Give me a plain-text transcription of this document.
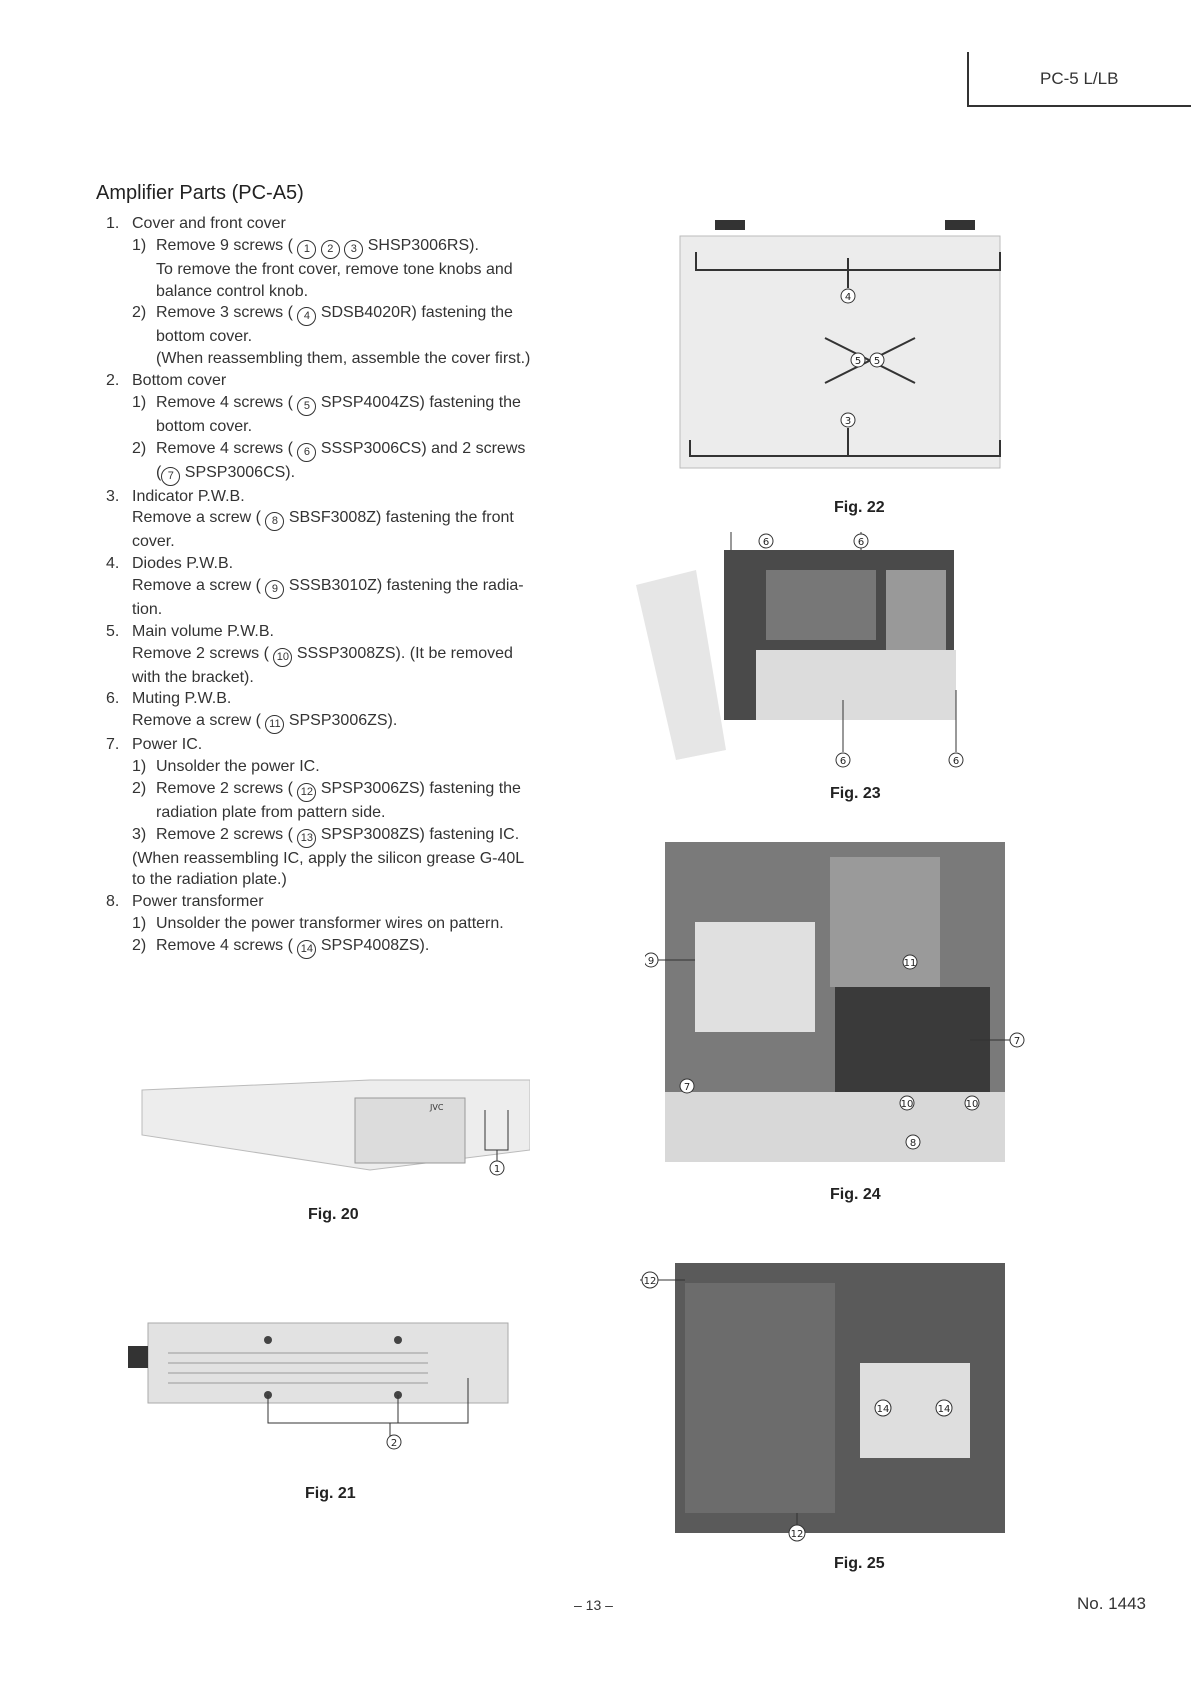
PC-5 L/LB
Amplifier Parts (PC-A5)
1. Cover and front cover
1) Remove 9 screws ( 1 2 3 SHSP3006RS).
To remove the front cover, remove tone knobs and
balance control knob.
2) Remove 3 screws ( 4 SDSB4020R) fastening the
bottom cover.
(When reassembling them, assemble the cover first.)
2. Bottom cover
1) Remove 4 screws ( 5 SPSP4004ZS) fastening the
bottom cover.
2) Remove 4 screws ( 6 SSSP3006CS) and 2 screws
( 7 SPSP3006CS).
3. Indicator P.W.B.
Remove a screw ( 8 SBSF3008Z) fastening the front
cover.
4. Diodes P.W.B.
Remove a screw ( 9 SSSB3010Z) fastening the radia-
tion.
5. Main volume P.W.B.
Remove 2 screws ( 10 SSSP3008ZS). (It be removed
with the bracket).
6. Muting P.W.B.
Remove a screw ( 11 SPSP3006ZS).
7. Power IC.
1) Unsolder the power IC.
2) Remove 2 screws ( 12 SPSP3006ZS) fastening the
radiation plate from pattern side.
3) Remove 2 screws ( 13 SPSP3008ZS) fastening IC.
(When reassembling IC, apply the silicon grease G-40L
to the radiation plate.)
8. Power transformer
1) Unsolder the power transformer wires on pattern.
2) Remove 4 screws ( 14 SPSP4008ZS).
4
5 5
3
Fig. 22
6	6
6	6
Fig. 23
9
7
7
11
10	10
8
Fig. 24
JVC
1
Fig. 20
2
Fig. 21
12
12
14	14
Fig. 25
– 13 –	No. 1443
